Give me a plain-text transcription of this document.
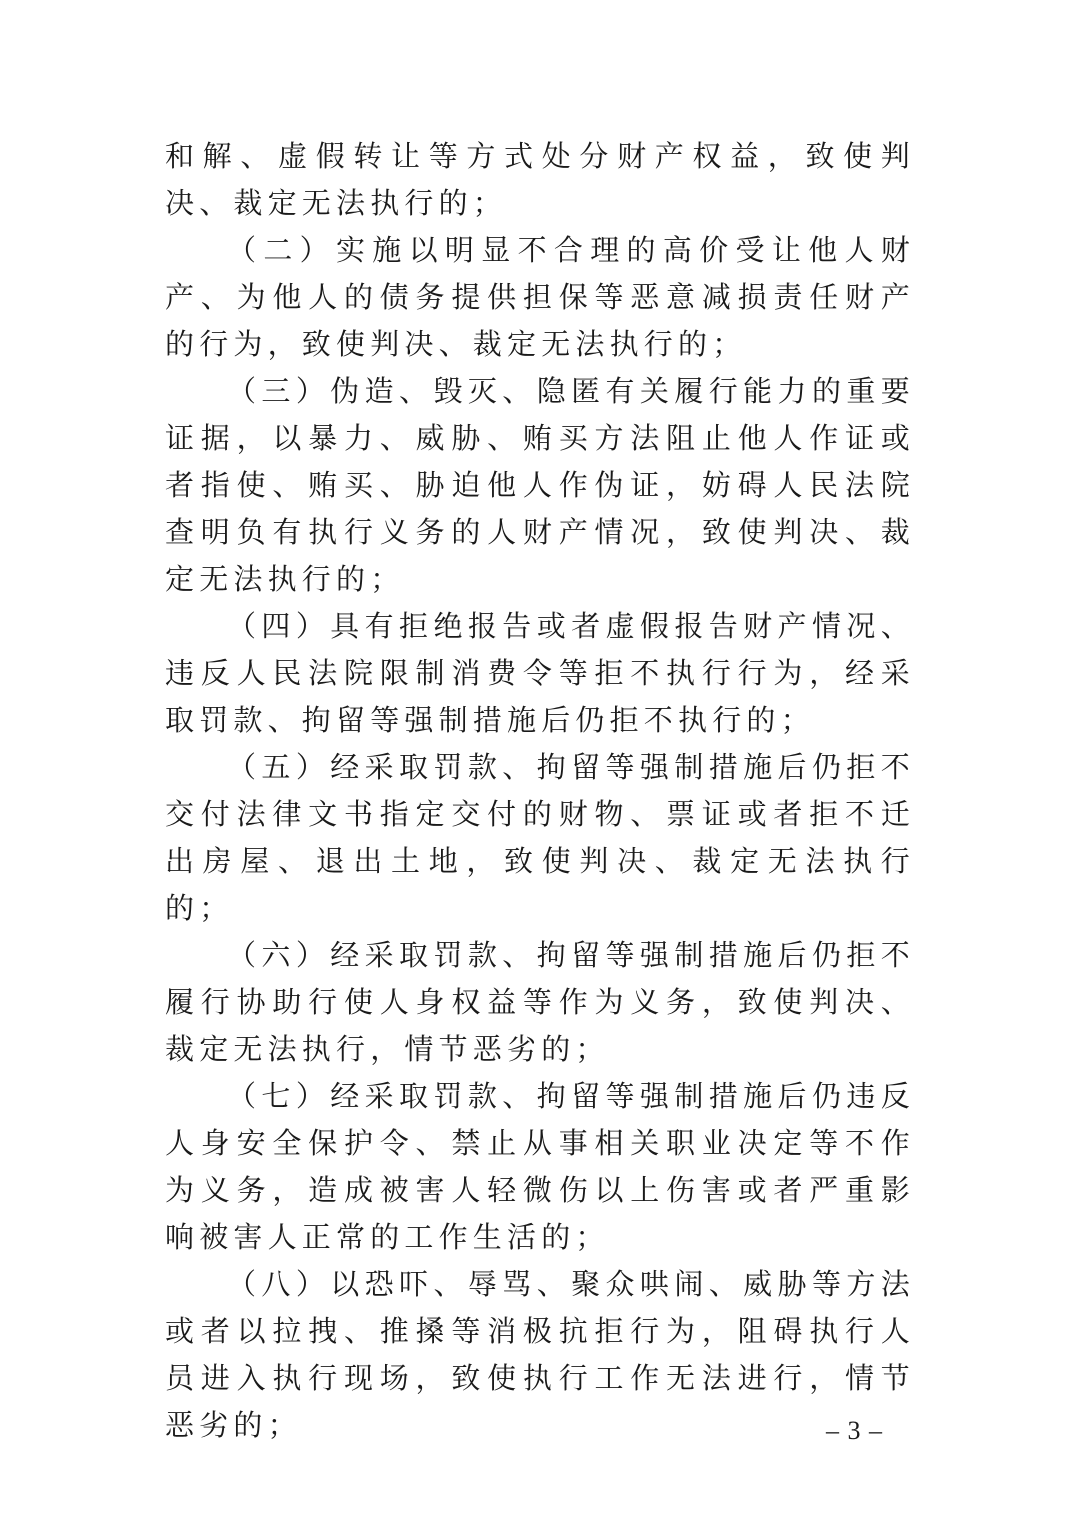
和解、虚假转让等方式处分财产权益，致使判决、裁定无法执行的；

（二）实施以明显不合理的高价受让他人财产、为他人的债务提供担保等恶意减损责任财产的行为，致使判决、裁定无法执行的；

（三）伪造、毁灭、隐匿有关履行能力的重要证据，以暴力、威胁、贿买方法阻止他人作证或者指使、贿买、胁迫他人作伪证，妨碍人民法院查明负有执行义务的人财产情况，致使判决、裁定无法执行的；

（四）具有拒绝报告或者虚假报告财产情况、违反人民法院限制消费令等拒不执行行为，经采取罚款、拘留等强制措施后仍拒不执行的；

（五）经采取罚款、拘留等强制措施后仍拒不交付法律文书指定交付的财物、票证或者拒不迁出房屋、退出土地，致使判决、裁定无法执行的；

（六）经采取罚款、拘留等强制措施后仍拒不履行协助行使人身权益等作为义务，致使判决、裁定无法执行，情节恶劣的；

（七）经采取罚款、拘留等强制措施后仍违反人身安全保护令、禁止从事相关职业决定等不作为义务，造成被害人轻微伤以上伤害或者严重影响被害人正常的工作生活的；

（八）以恐吓、辱骂、聚众哄闹、威胁等方法或者以拉拽、推搡等消极抗拒行为，阻碍执行人员进入执行现场，致使执行工作无法进行，情节恶劣的；	– 3 –
